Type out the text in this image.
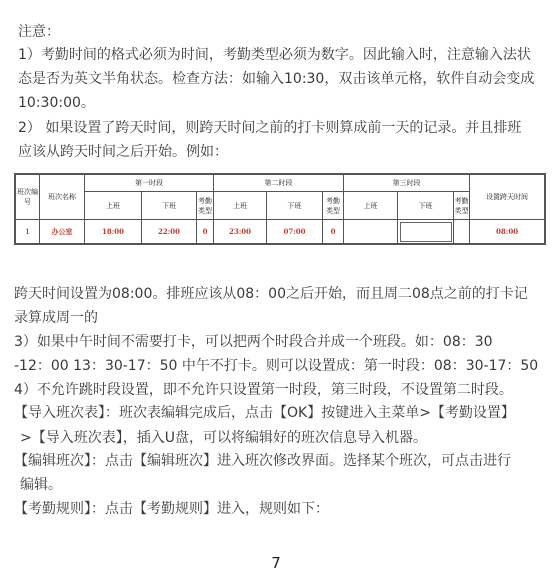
注意：
1）考勤时间的格式必须为时间，考勤类型必须为数字。因此输入时，注意输入法状
态是否为英文半角状态。检查方法：如输入10:30，双击该单元格，软件自动会变成
10:30:00。
2） 如果设置了跨天时间，则跨天时间之前的打卡则算成前一天的记录。并且排班
应该从跨天时间之后开始。例如：
班次编号	班次名称	第一时段			第二时段			第三时段			设置跨天时间
		上班	下班	考勤类型	上班	下班	考勤类型	上班	下班	考勤类型	
1	办公室	18:00	22:00	0	23:00	07:00	0				08:00
跨天时间设置为08:00。排班应该从08：00之后开始，而且周二08点之前的打卡记
录算成周一的
3）如果中午时间不需要打卡，可以把两个时段合并成一个班段。如：08：30
-12：00 13：30-17：50 中午不打卡。则可以设置成：第一时段：08：30-17：50
4）不允许跳时段设置，即不允许只设置第一时段，第三时段，不设置第二时段。
【导入班次表】：班次表编辑完成后，点击【OK】按键进入主菜单>【考勤设置】
>【导入班次表】，插入U盘，可以将编辑好的班次信息导入机器。
【编辑班次】：点击【编辑班次】进入班次修改界面。选择某个班次，可点击进行
编辑。
【考勤规则】：点击【考勤规则】进入，规则如下：
7
